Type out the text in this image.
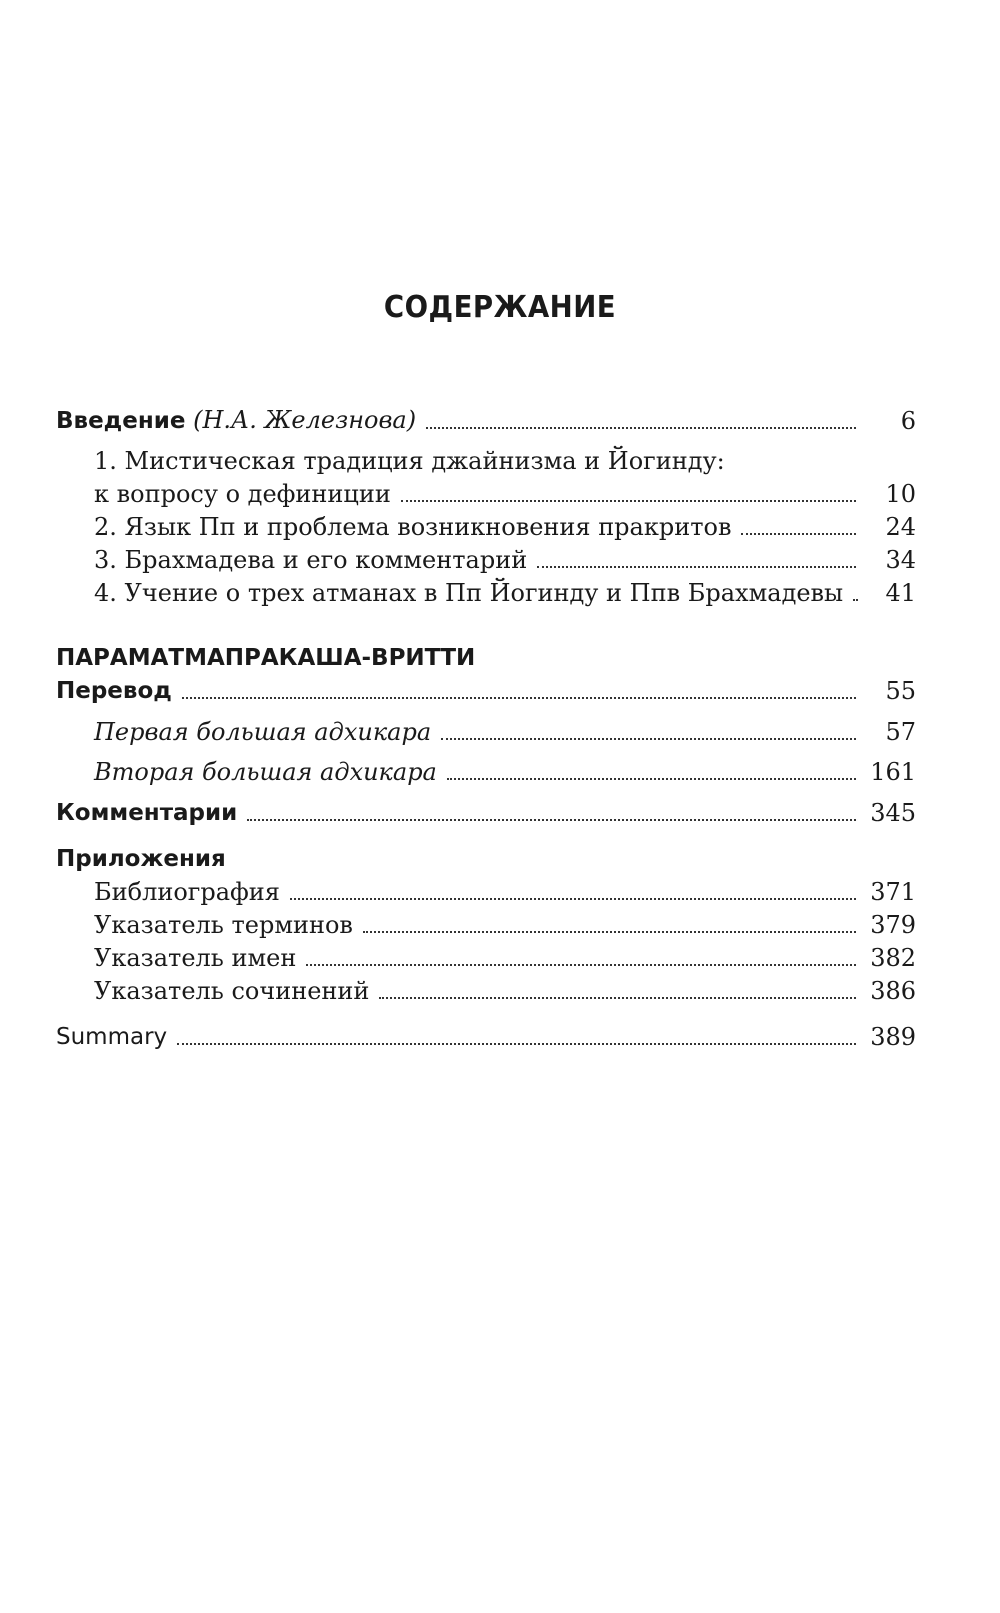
СОДЕРЖАНИЕ
Введение (Н.А. Железнова)	6
1. Мистическая традиция джайнизма и Йогинду:
к вопросу о дефиниции	10
2. Язык Пп и проблема возникновения пракритов	24
3. Брахмадева и его комментарий	34
4. Учение о трех атманах в Пп Йогинду и Ппв Брахмадевы	41
ПАРАМАТМАПРАКАША-ВРИТТИ
Перевод	55
Первая большая адхикара	57
Вторая большая адхикара	161
Комментарии	345
Приложения
Библиография	371
Указатель терминов	379
Указатель имен	382
Указатель сочинений	386
Summary	389
